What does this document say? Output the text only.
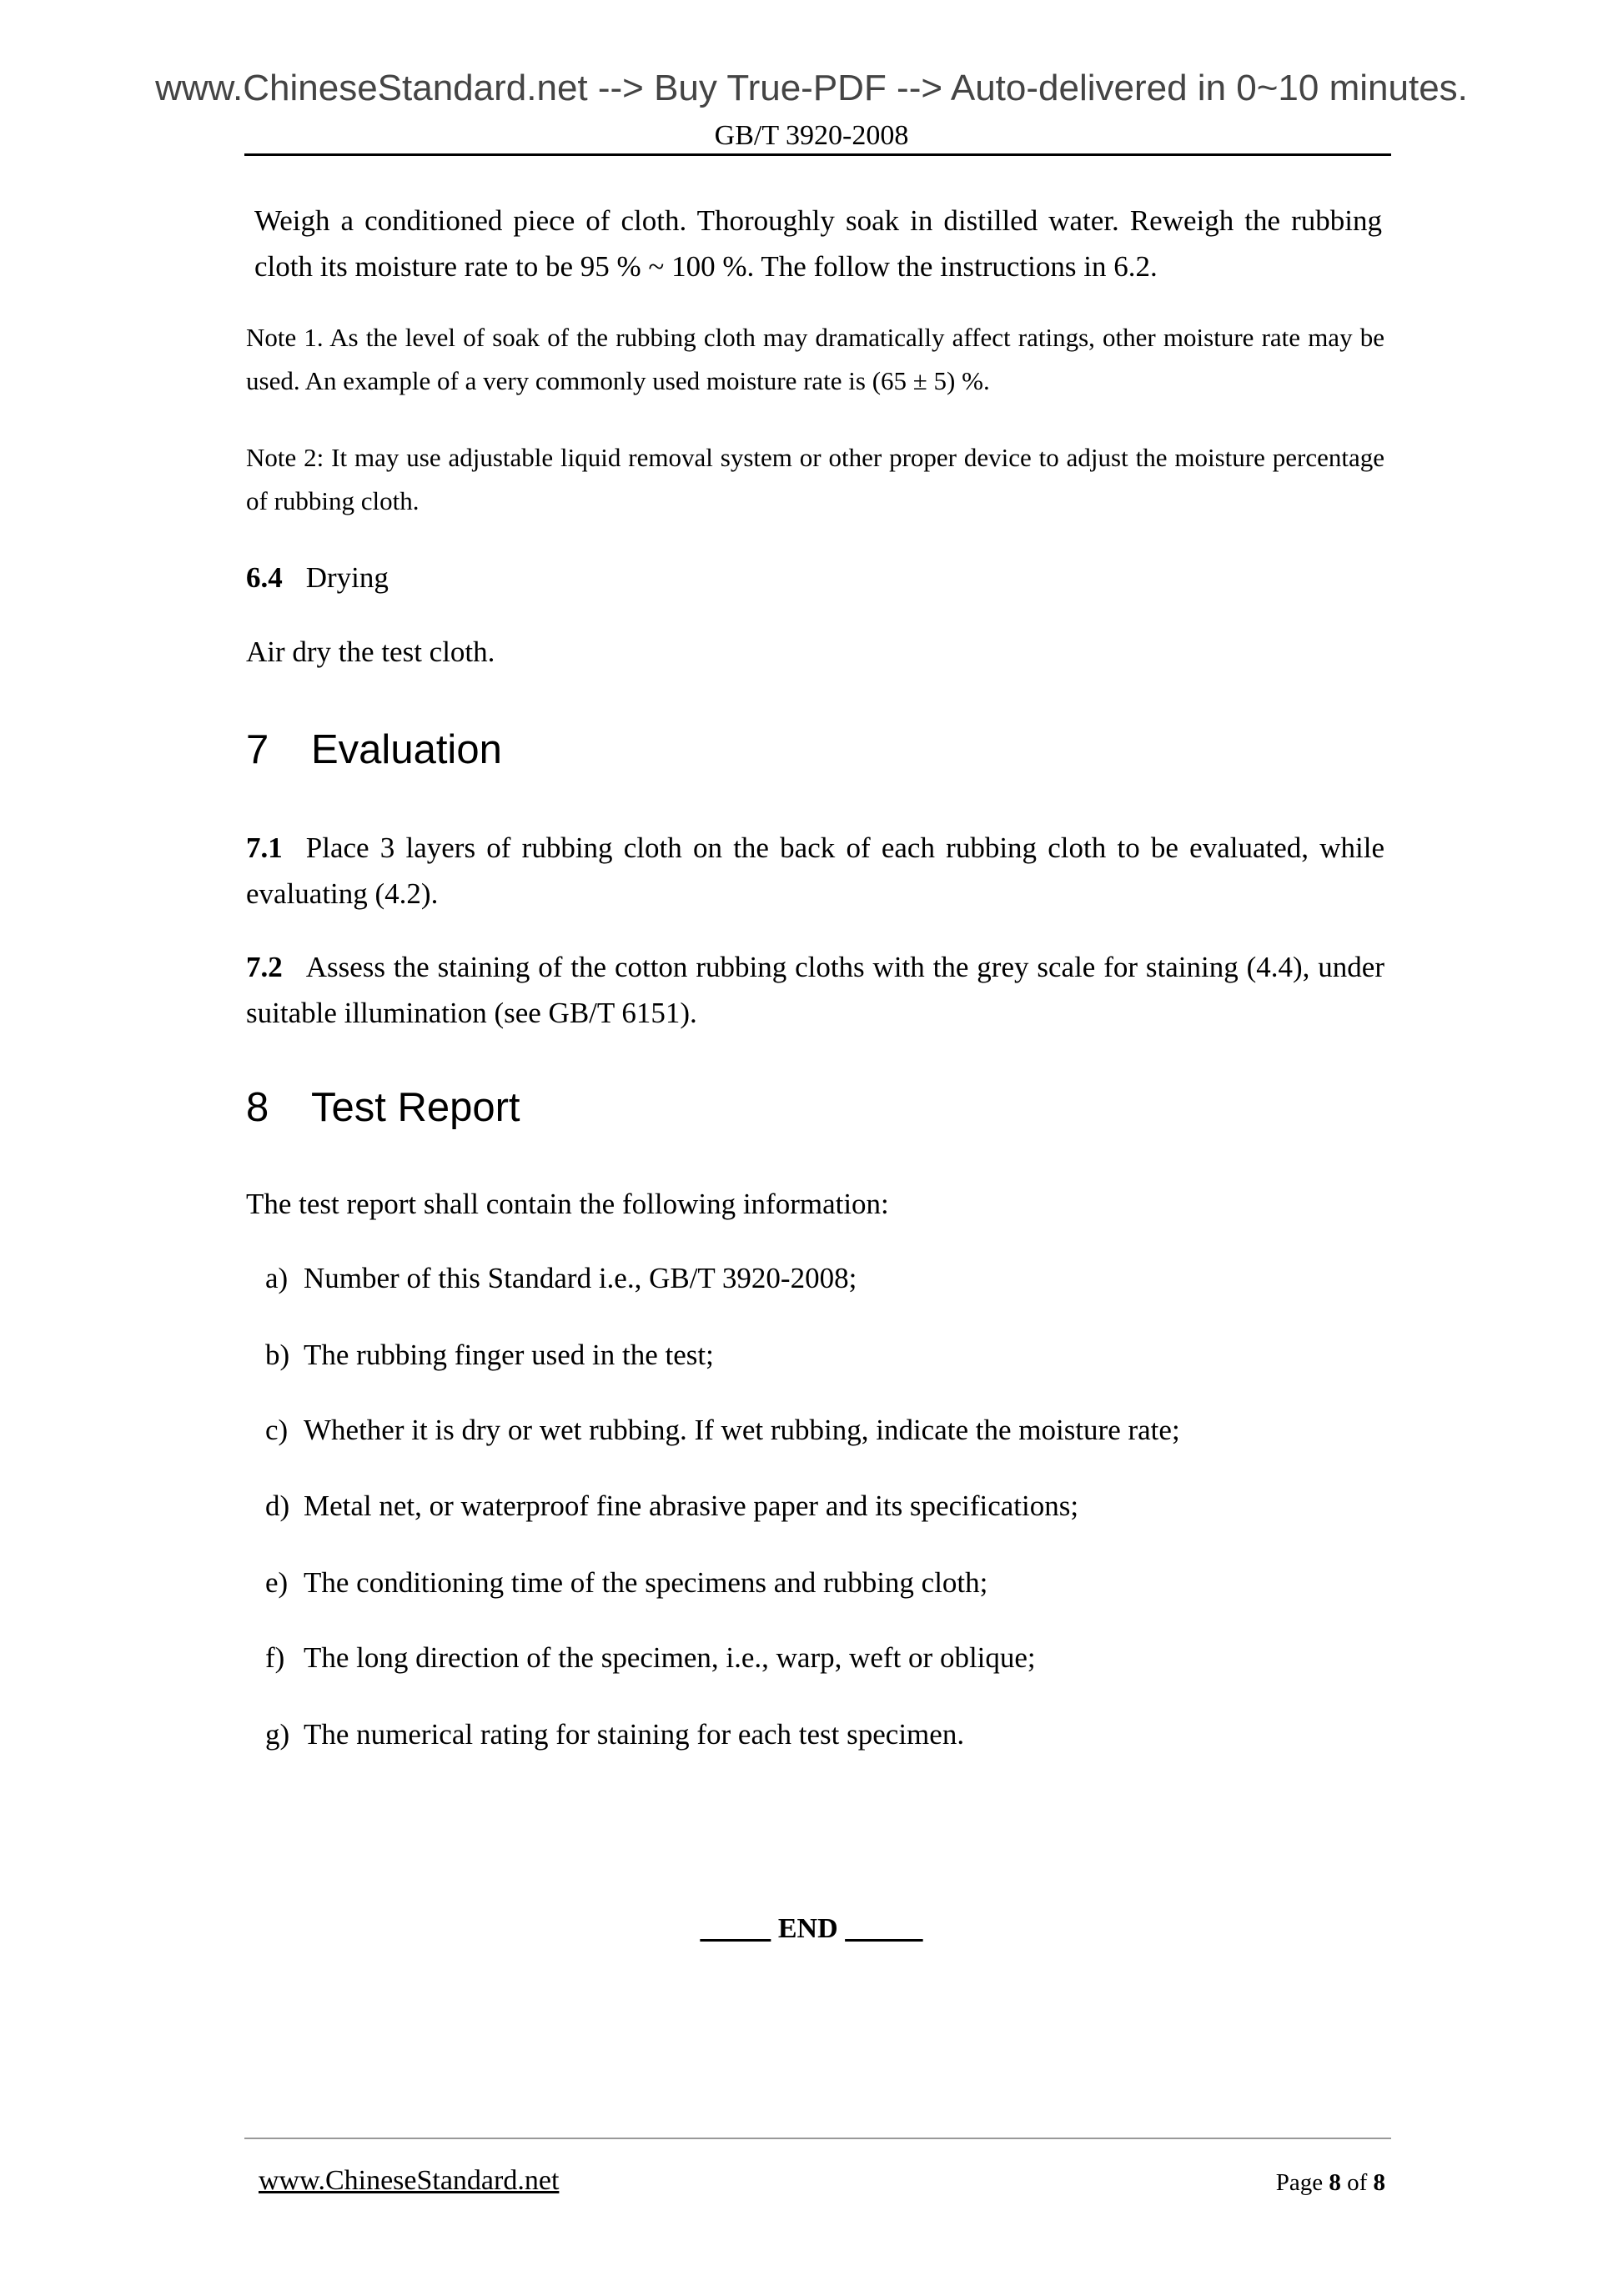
www.ChineseStandard.net --> Buy True-PDF --> Auto-delivered in 0~10 minutes.
GB/T 3920-2008
Weigh a conditioned piece of cloth. Thoroughly soak in distilled water. Reweigh the rubbing cloth its moisture rate to be 95 % ~ 100 %. The follow the instructions in 6.2.
Note 1. As the level of soak of the rubbing cloth may dramatically affect ratings, other moisture rate may be used. An example of a very commonly used moisture rate is (65 ± 5) %.
Note 2: It may use adjustable liquid removal system or other proper device to adjust the moisture percentage of rubbing cloth.
6.4 Drying
Air dry the test cloth.
7 Evaluation
7.1 Place 3 layers of rubbing cloth on the back of each rubbing cloth to be evaluated, while evaluating (4.2).
7.2 Assess the staining of the cotton rubbing cloths with the grey scale for staining (4.4), under suitable illumination (see GB/T 6151).
8 Test Report
The test report shall contain the following information:
a) Number of this Standard i.e., GB/T 3920-2008;
b) The rubbing finger used in the test;
c) Whether it is dry or wet rubbing. If wet rubbing, indicate the moisture rate;
d) Metal net, or waterproof fine abrasive paper and its specifications;
e) The conditioning time of the specimens and rubbing cloth;
f) The long direction of the specimen, i.e., warp, weft or oblique;
g) The numerical rating for staining for each test specimen.
END
www.ChineseStandard.net	Page 8 of 8
